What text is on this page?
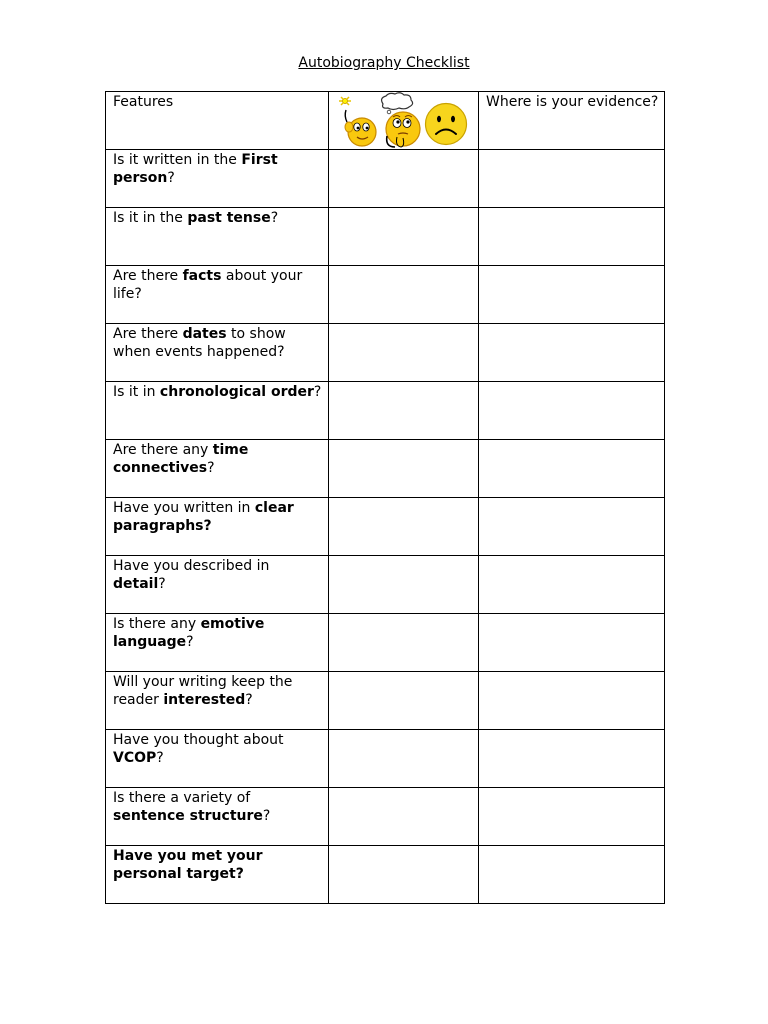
Autobiography Checklist
Features		Where is your evidence?

Is it written in the First person?		

Is it in the past tense?		

Are there facts about your life?		

Are there dates to show when events happened?		

Is it in chronological order?		

Are there any time connectives?		

Have you written in clear paragraphs?		

Have you described in detail?		

Is there any emotive language?		

Will your writing keep the reader interested?		

Have you thought about VCOP?		

Is there a variety of sentence structure?		

Have you met your personal target?		
